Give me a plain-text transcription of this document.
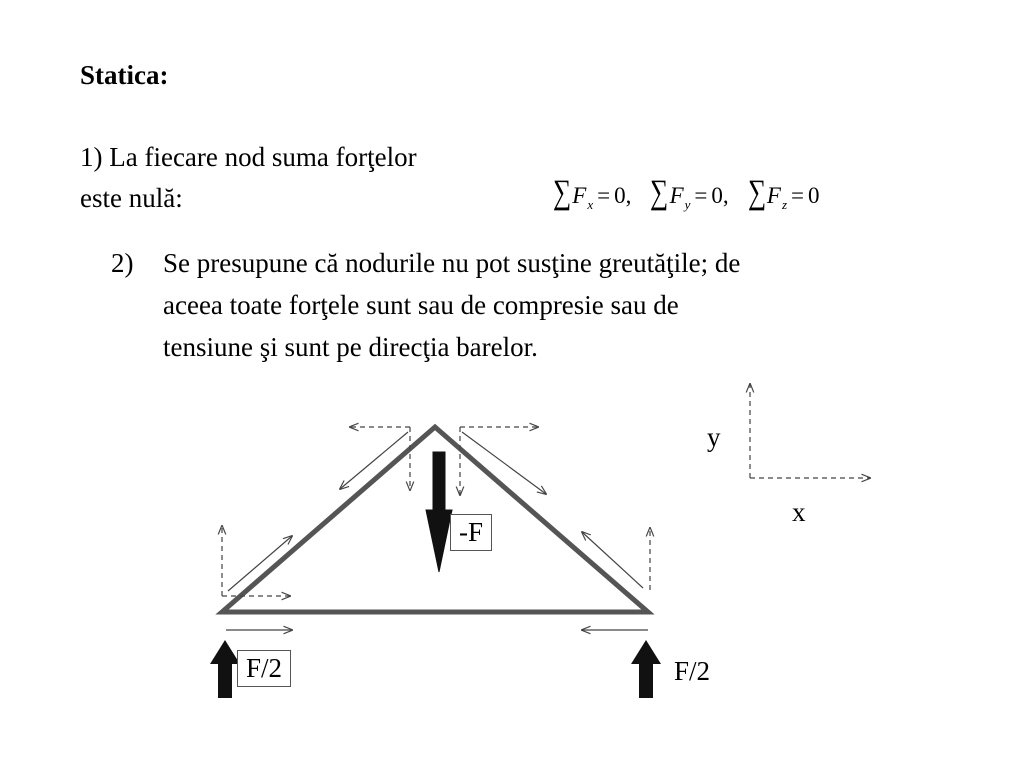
Statica:
1) La fiecare nod suma forţelor
este nulă:	∑ F x = 0, ∑ F y = 0, ∑ F z = 0
2) Se presupune că nodurile nu pot susţine greutăţile; de
aceea toate forţele sunt sau de compresie sau de
tensiune şi sunt pe direcţia barelor.
-F
F/2	F/2
y
x
